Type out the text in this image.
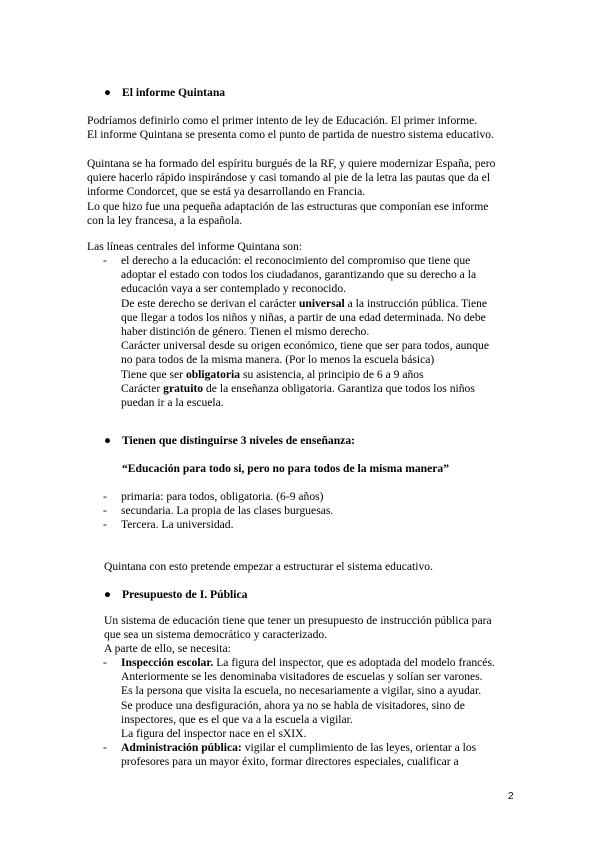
● El informe Quintana

Podríamos definirlo como el primer intento de ley de Educación. El primer informe.

El informe Quintana se presenta como el punto de partida de nuestro sistema educativo.

Quintana se ha formado del espíritu burgués de la RF, y quiere modernizar España, pero

quiere hacerlo rápido inspirándose y casi tomando al pie de la letra las pautas que da el

informe Condorcet, que se está ya desarrollando en Francia.

Lo que hizo fue una pequeña adaptación de las estructuras que componían ese informe

con la ley francesa, a la española.

Las líneas centrales del informe Quintana son:

- el derecho a la educación: el reconocimiento del compromiso que tiene que

adoptar el estado con todos los ciudadanos, garantizando que su derecho a la

educación vaya a ser contemplado y reconocido.

De este derecho se derivan el carácter universal a la instrucción pública. Tiene

que llegar a todos los niños y niñas, a partir de una edad determinada. No debe

haber distinción de género. Tienen el mismo derecho.

Carácter universal desde su origen económico, tiene que ser para todos, aunque

no para todos de la misma manera. (Por lo menos la escuela básica)

Tiene que ser obligatoria su asistencia, al principio de 6 a 9 años

Carácter gratuito de la enseñanza obligatoria. Garantiza que todos los niños

puedan ir a la escuela.

● Tienen que distinguirse 3 niveles de enseñanza:
“Educación para todo si, pero no para todos de la misma manera”
- primaria: para todos, obligatoria. (6-9 años)

- secundaria. La propia de las clases burguesas.

- Tercera. La universidad.

Quintana con esto pretende empezar a estructurar el sistema educativo.

● Presupuesto de I. Pública

Un sistema de educación tiene que tener un presupuesto de instrucción pública para

que sea un sistema democrático y caracterizado.

A parte de ello, se necesita:

- Inspección escolar. La figura del inspector, que es adoptada del modelo francés.

Anteriormente se les denominaba visitadores de escuelas y solían ser varones.

Es la persona que visita la escuela, no necesariamente a vigilar, sino a ayudar.

Se produce una desfiguración, ahora ya no se habla de visitadores, sino de

inspectores, que es el que va a la escuela a vigilar.

La figura del inspector nace en el sXIX.

- Administración pública: vigilar el cumplimiento de las leyes, orientar a los

profesores para un mayor éxito, formar directores especiales, cualificar a

2
